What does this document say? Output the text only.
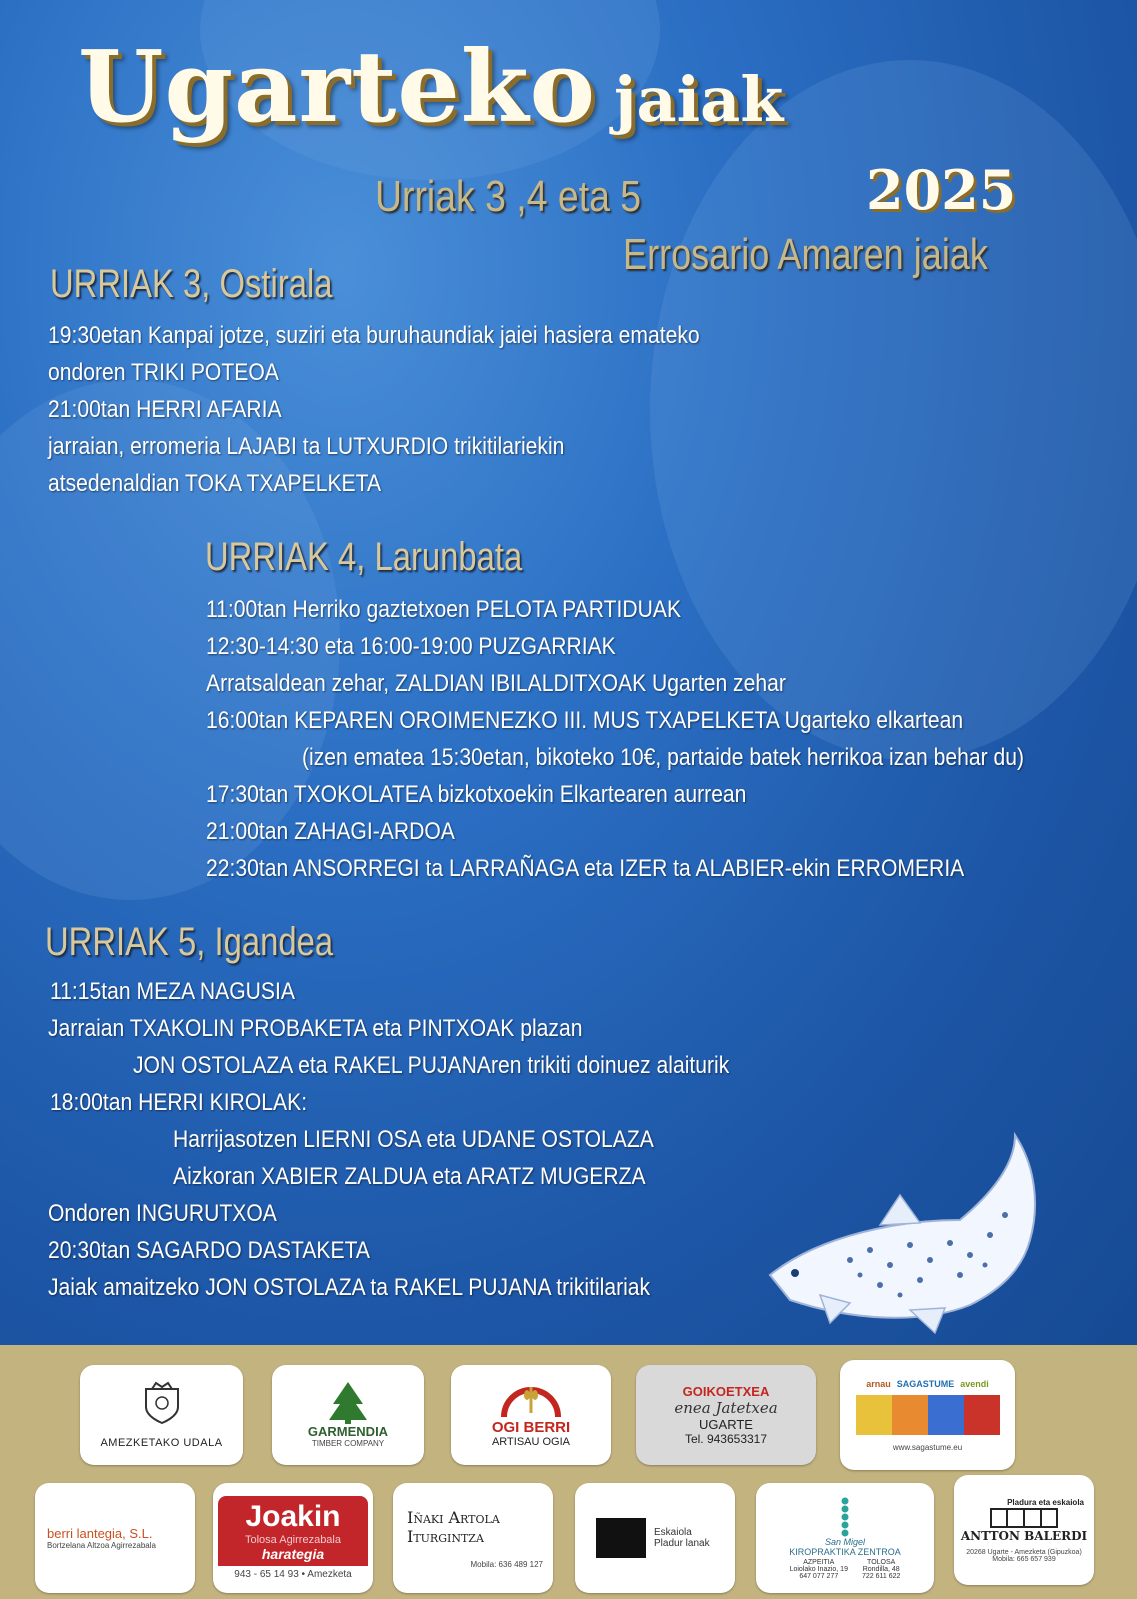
Ugarteko jaiak
2025
Urriak 3 ,4 eta 5
Errosario Amaren jaiak
URRIAK 3, Ostirala
19:30etan Kanpai jotze, suziri eta buruhaundiak jaiei hasiera emateko
ondoren TRIKI POTEOA
21:00tan HERRI AFARIA
jarraian, erromeria LAJABI ta LUTXURDIO trikitilariekin
atsedenaldian TOKA TXAPELKETA
URRIAK 4, Larunbata
11:00tan Herriko gaztetxoen PELOTA PARTIDUAK
12:30-14:30 eta 16:00-19:00 PUZGARRIAK
Arratsaldean zehar, ZALDIAN IBILALDITXOAK Ugarten zehar
16:00tan KEPAREN OROIMENEZKO III. MUS TXAPELKETA Ugarteko elkartean
(izen ematea 15:30etan, bikoteko 10€, partaide batek herrikoa izan behar du)
17:30tan TXOKOLATEA bizkotxoekin Elkartearen aurrean
21:00tan ZAHAGI-ARDOA
22:30tan ANSORREGI ta LARRAÑAGA eta IZER ta ALABIER-ekin ERROMERIA
URRIAK 5, Igandea
11:15tan MEZA NAGUSIA
Jarraian TXAKOLIN PROBAKETA eta PINTXOAK plazan
JON OSTOLAZA eta RAKEL PUJANAren trikiti doinuez alaiturik
18:00tan HERRI KIROLAK:
Harrijasotzen LIERNI OSA eta UDANE OSTOLAZA
Aizkoran XABIER ZALDUA eta ARATZ MUGERZA
Ondoren INGURUTXOA
20:30tan SAGARDO DASTAKETA
Jaiak amaitzeko JON OSTOLAZA ta RAKEL PUJANA trikitilariak
AMEZKETAKO UDALA
GARMENDIA
TIMBER COMPANY
OGI BERRI
ARTISAU OGIA
GOIKOETXEA
enea Jatetxea
UGARTE
Tel. 943653317
arnau SAGASTUME avendi
www.sagastume.eu
berri lantegia, S.L.
Bortzelana Altzoa Agirrezabala
Joakin
Tolosa Agirrezabala
harategia
943 - 65 14 93 • Amezketa
Iñaki Artola
Iturgintza
Mobila: 636 489 127
Eskaiola Pladur lanak	San Migel
KIROPRAKTIKA ZENTROA
AZPEITIA
Loiolako Inazio, 19
647 077 277
TOLOSA
Rondilla, 48
722 611 622
Pladura eta eskaiola
ANTTON BALERDI
20268 Ugarte - Amezketa (Gipuzkoa)
Mobila: 665 657 939
